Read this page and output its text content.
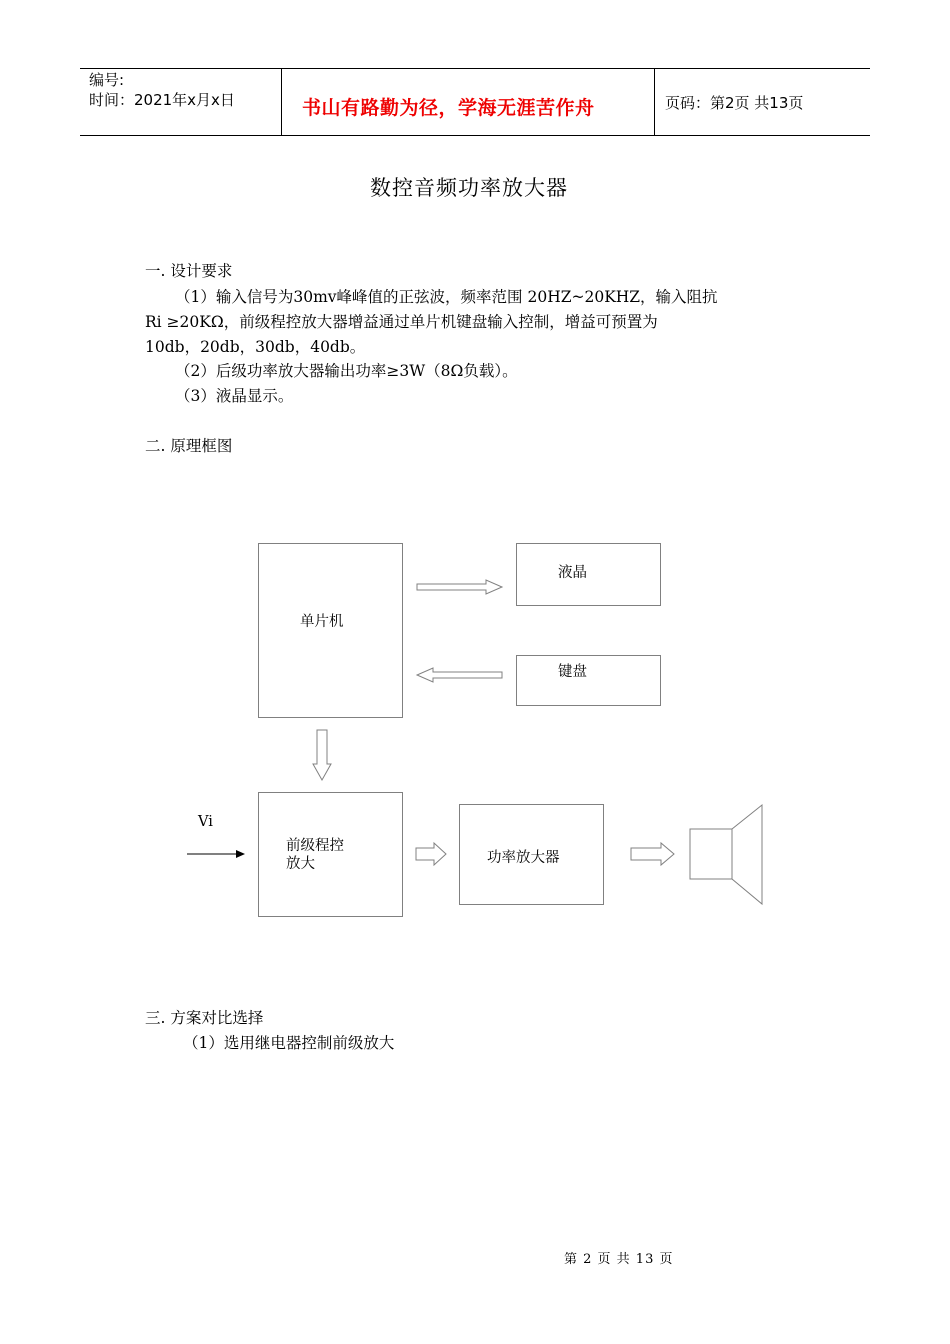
编号:
时间：2021年x月x日	书山有路勤为径，学海无涯苦作舟	页码：第2页 共13页
数控音频功率放大器
一. 设计要求
（1）输入信号为30mv峰峰值的正弦波，频率范围 20HZ~20KHZ，输入阻抗
Ri ≥20KΩ，前级程控放大器增益通过单片机键盘输入控制，增益可预置为
10db，20db，30db，40db。
（2）后级功率放大器输出功率≥3W（8Ω负载）。
（3）液晶显示。
二. 原理框图
单片机
液晶
键盘
Vi
前级程控
放大	功率放大器
三. 方案对比选择
（1）选用继电器控制前级放大
第 2 页 共 13 页
